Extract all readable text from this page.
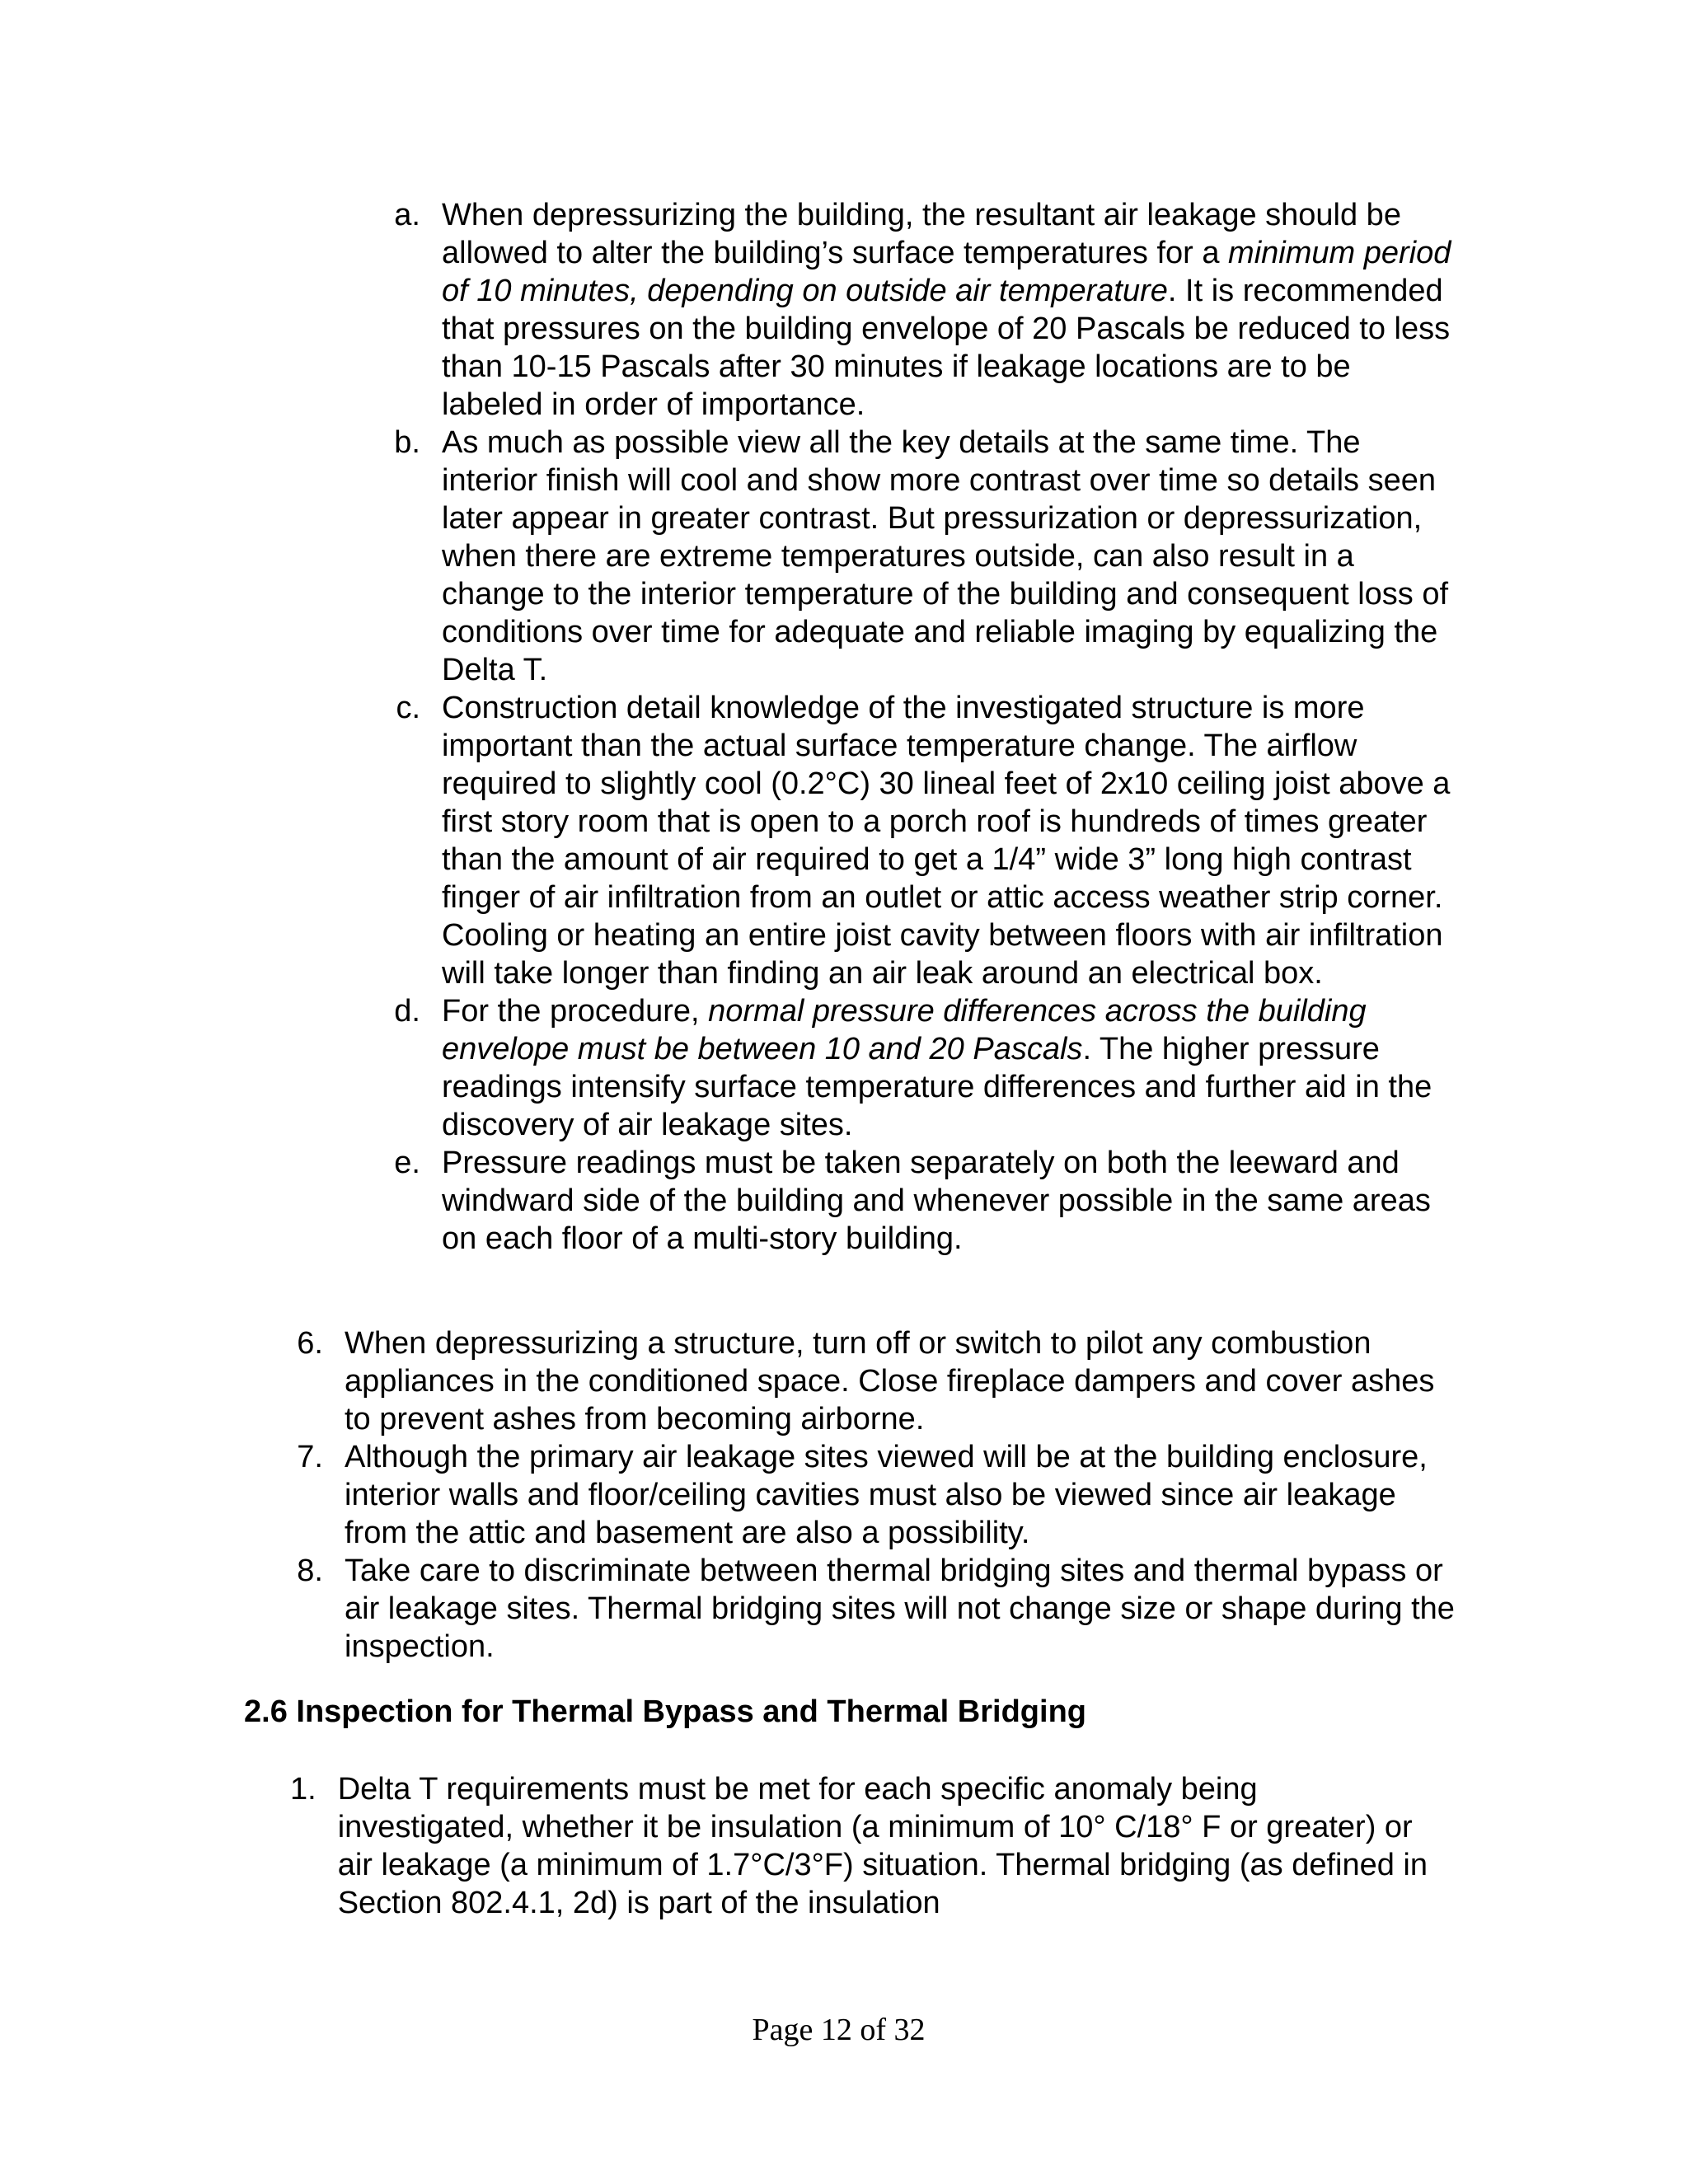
a. When depressurizing the building, the resultant air leakage should be allowed to alter the building’s surface temperatures for a minimum period of 10 minutes, depending on outside air temperature. It is recommended that pressures on the building envelope of 20 Pascals be reduced to less than 10-15 Pascals after 30 minutes if leakage locations are to be labeled in order of importance.
b. As much as possible view all the key details at the same time. The interior finish will cool and show more contrast over time so details seen later appear in greater contrast. But pressurization or depressurization, when there are extreme temperatures outside, can also result in a change to the interior temperature of the building and consequent loss of conditions over time for adequate and reliable imaging by equalizing the Delta T.
c. Construction detail knowledge of the investigated structure is more important than the actual surface temperature change. The airflow required to slightly cool (0.2°C) 30 lineal feet of 2x10 ceiling joist above a first story room that is open to a porch roof is hundreds of times greater than the amount of air required to get a 1/4” wide 3” long high contrast finger of air infiltration from an outlet or attic access weather strip corner. Cooling or heating an entire joist cavity between floors with air infiltration will take longer than finding an air leak around an electrical box.
d. For the procedure, normal pressure differences across the building envelope must be between 10 and 20 Pascals. The higher pressure readings intensify surface temperature differences and further aid in the discovery of air leakage sites.
e. Pressure readings must be taken separately on both the leeward and windward side of the building and whenever possible in the same areas on each floor of a multi-story building.
6. When depressurizing a structure, turn off or switch to pilot any combustion appliances in the conditioned space. Close fireplace dampers and cover ashes to prevent ashes from becoming airborne.
7. Although the primary air leakage sites viewed will be at the building enclosure, interior walls and floor/ceiling cavities must also be viewed since air leakage from the attic and basement are also a possibility.
8. Take care to discriminate between thermal bridging sites and thermal bypass or air leakage sites. Thermal bridging sites will not change size or shape during the inspection.
2.6 Inspection for Thermal Bypass and Thermal Bridging
1. Delta T requirements must be met for each specific anomaly being investigated, whether it be insulation (a minimum of 10° C/18° F or greater) or air leakage (a minimum of 1.7°C/3°F) situation. Thermal bridging (as defined in Section 802.4.1, 2d) is part of the insulation
Page 12 of 32
